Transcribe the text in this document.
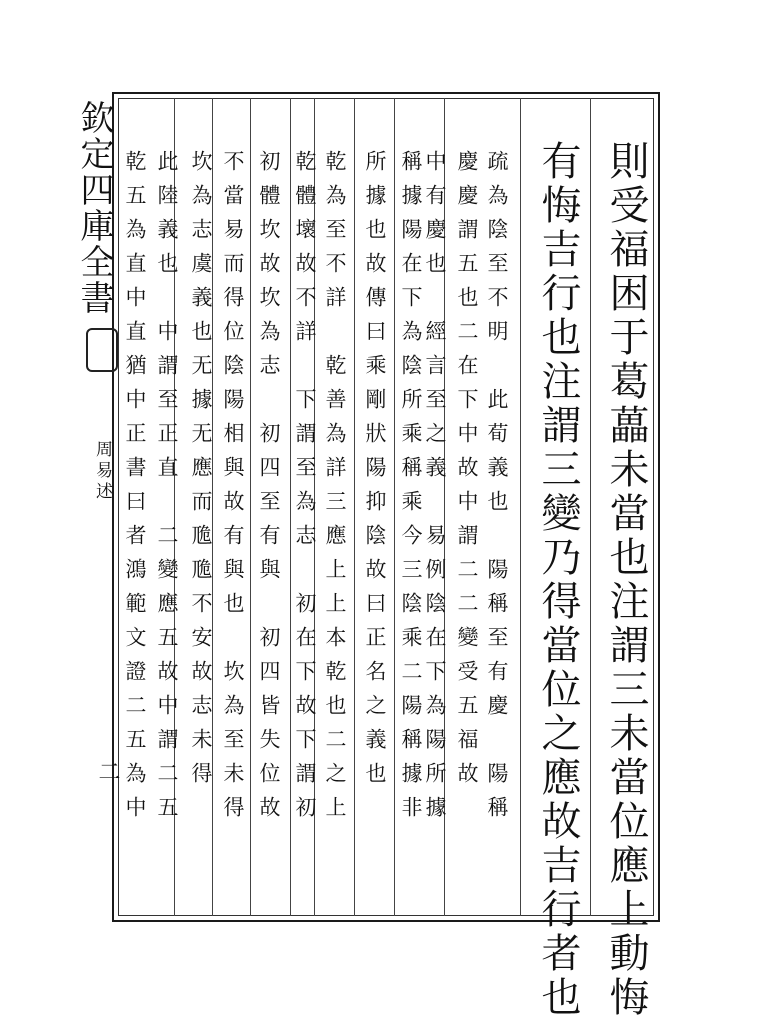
欽定四庫全書
周易述
二	則受福困于葛藟未當也注謂三未當位應上動悔
有悔吉行也注謂三變乃得當位之應故吉行者也
疏為陰至不明　此荀義也　陽稱至有慶　陽稱
慶慶謂五也二在下中故中謂二二變受五福故
中有慶也　經言至之義　易例陰在下為陽所據
稱據陽在下為陰所乘稱乘今三陰乘二陽稱據非
所據也故傳曰乘剛狀陽抑陰故曰正名之義也
乾為至不詳　乾善為詳三應上上本乾也二之上
乾體壞故不詳　下謂至為志　初在下故下謂初
初體坎故坎為志　初四至有與　初四皆失位故
不當易而得位陰陽相與故有與也　坎為至未得
坎為志虞義也无據无應而卼卼不安故志未得
此陸義也　中謂至正直　二變應五故中謂二五
乾五為直中直猶中正書曰者鴻範文證二五為中
